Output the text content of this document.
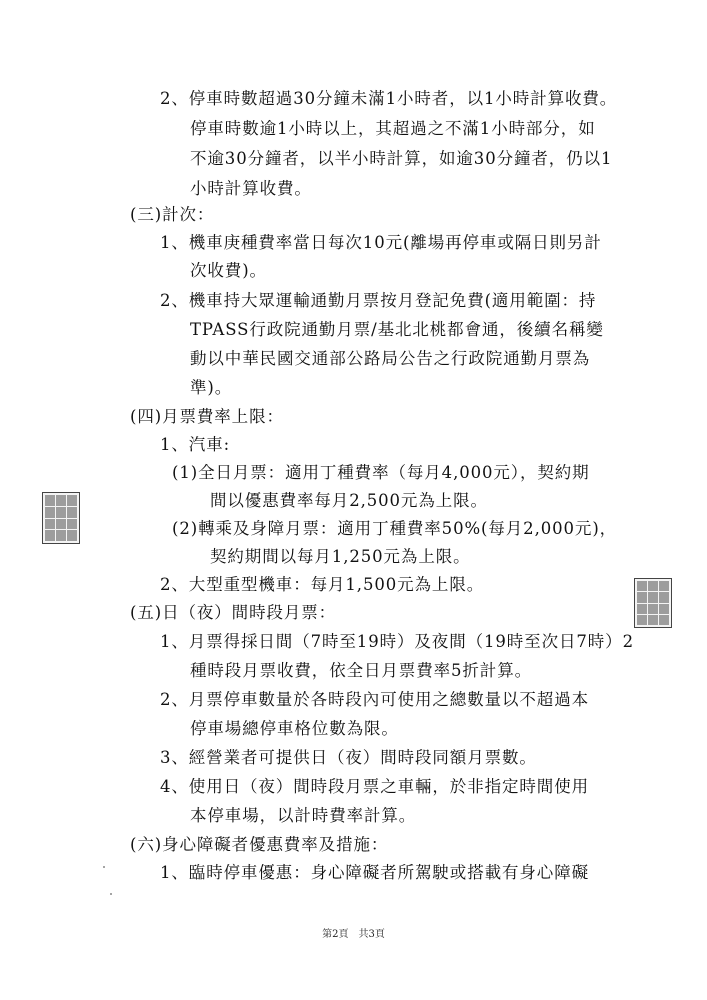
2、停車時數超過30分鐘未滿1小時者，以1小時計算收費。
停車時數逾1小時以上，其超過之不滿1小時部分，如
不逾30分鐘者，以半小時計算，如逾30分鐘者，仍以1
小時計算收費。
(三)計次：
1、機車庚種費率當日每次10元(離場再停車或隔日則另計
次收費)。
2、機車持大眾運輸通勤月票按月登記免費(適用範圍：持
TPASS行政院通勤月票/基北北桃都會通，後續名稱變
動以中華民國交通部公路局公告之行政院通勤月票為
準)。
(四)月票費率上限：
1、汽車:
(1)全日月票：適用丁種費率（每月4,000元），契約期
間以優惠費率每月2,500元為上限。
(2)轉乘及身障月票：適用丁種費率50%(每月2,000元)，
契約期間以每月1,250元為上限。
2、大型重型機車：每月1,500元為上限。
(五)日（夜）間時段月票：
1、月票得採日間（7時至19時）及夜間（19時至次日7時）2
種時段月票收費，依全日月票費率5折計算。
2、月票停車數量於各時段內可使用之總數量以不超過本
停車場總停車格位數為限。
3、經營業者可提供日（夜）間時段同額月票數。
4、使用日（夜）間時段月票之車輛，於非指定時間使用
本停車場，以計時費率計算。
(六)身心障礙者優惠費率及措施：
1、臨時停車優惠：身心障礙者所駕駛或搭載有身心障礙
第2頁　共3頁
